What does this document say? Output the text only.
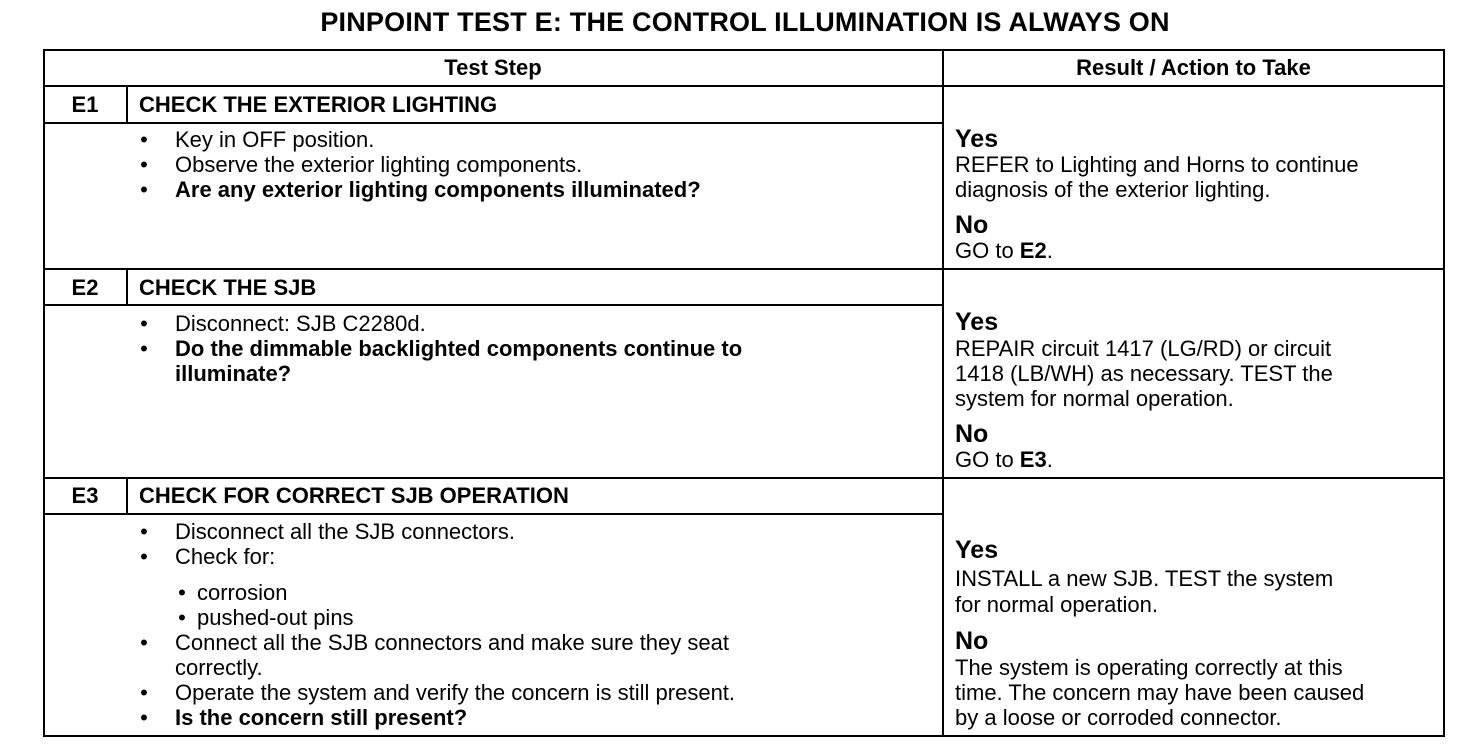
PINPOINT TEST E: THE CONTROL ILLUMINATION IS ALWAYS ON
Test Step	Result / Action to Take
E1	CHECK THE EXTERIOR LIGHTING
• Key in OFF position.
• Observe the exterior lighting components.
• Are any exterior lighting components illuminated?
Yes
REFER to Lighting and Horns to continue
diagnosis of the exterior lighting.
No
GO to E2.
E2	CHECK THE SJB
• Disconnect: SJB C2280d.
• Do the dimmable backlighted components continue to
illuminate?
Yes
REPAIR circuit 1417 (LG/RD) or circuit
1418 (LB/WH) as necessary. TEST the
system for normal operation.
No
GO to E3.
E3	CHECK FOR CORRECT SJB OPERATION
• Disconnect all the SJB connectors.
• Check for:
• corrosion
• pushed-out pins
• Connect all the SJB connectors and make sure they seat
correctly.
• Operate the system and verify the concern is still present.
• Is the concern still present?
Yes
INSTALL a new SJB. TEST the system
for normal operation.
No
The system is operating correctly at this
time. The concern may have been caused
by a loose or corroded connector.
